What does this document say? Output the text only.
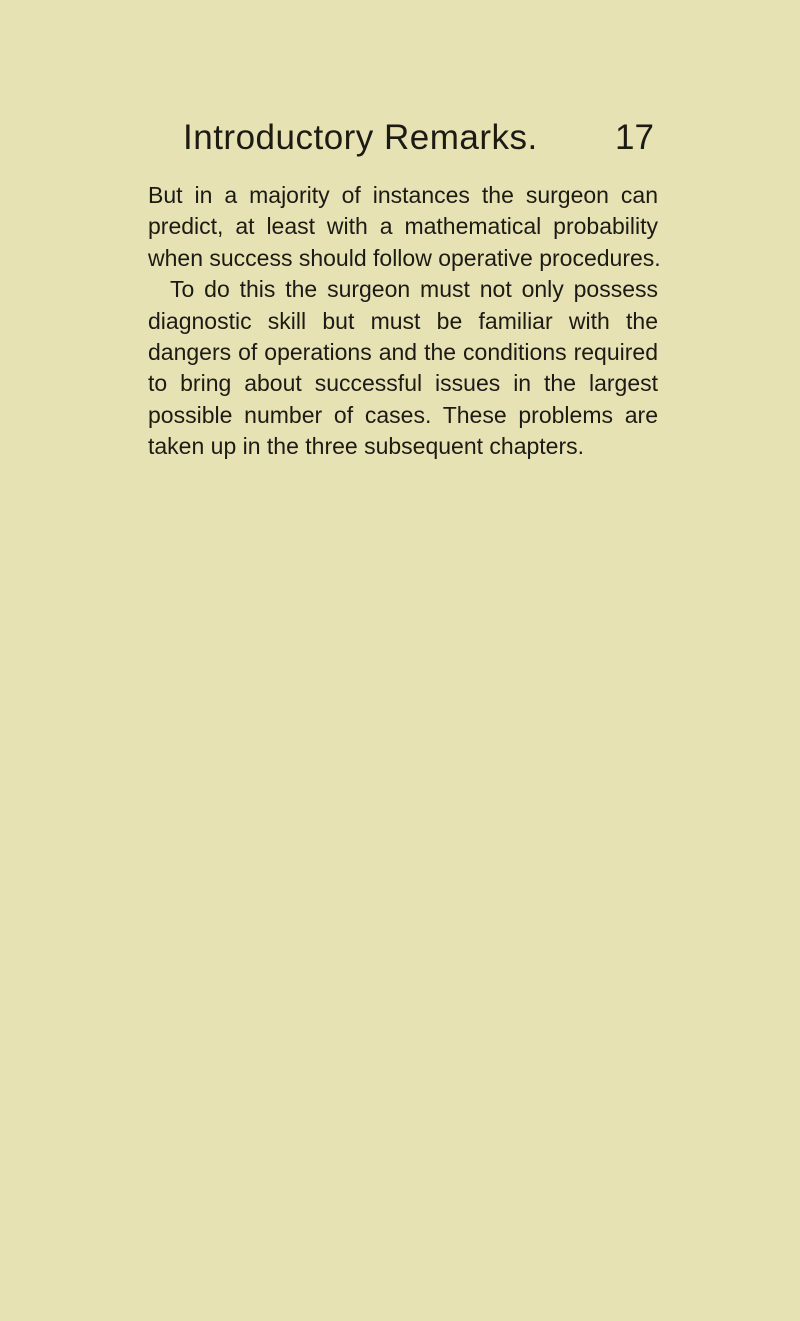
Introductory Remarks. 17
But in a majority of instances the surgeon can
predict, at least with a mathematical probability
when success should follow operative procedures.
To do this the surgeon must not only possess
diagnostic skill but must be familiar with the
dangers of operations and the conditions required
to bring about successful issues in the largest
possible number of cases. These problems are
taken up in the three subsequent chapters.
